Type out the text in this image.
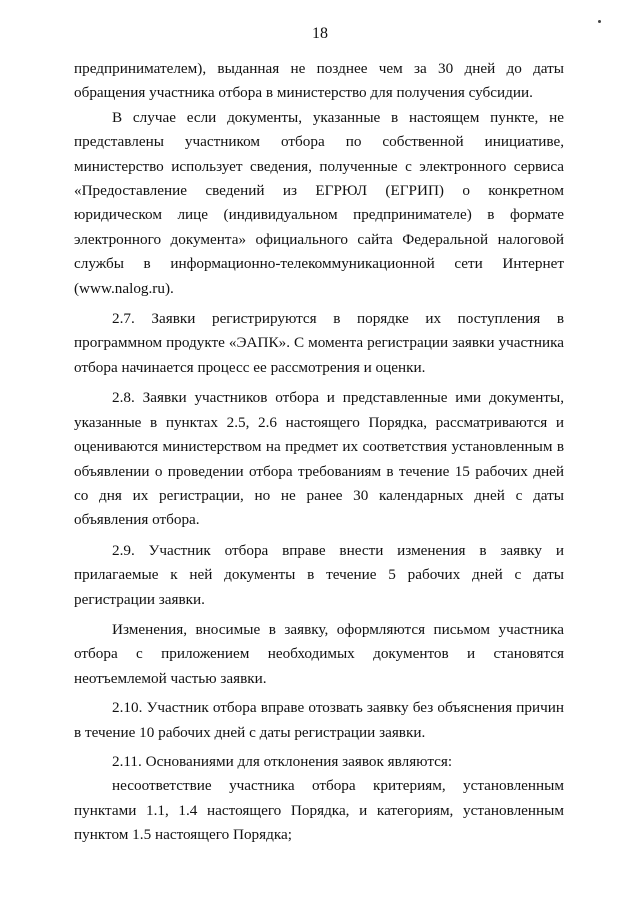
18

предпринимателем), выданная не позднее чем за 30 дней до даты обращения участника отбора в министерство для получения субсидии.

В случае если документы, указанные в настоящем пункте, не представлены участником отбора по собственной инициативе, министерство использует сведения, полученные с электронного сервиса «Предоставление сведений из ЕГРЮЛ (ЕГРИП) о конкретном юридическом лице (индивидуальном предпринимателе) в формате электронного документа» официального сайта Федеральной налоговой службы в информационно-телекоммуникационной сети Интернет (www.nalog.ru).

2.7. Заявки регистрируются в порядке их поступления в программном продукте «ЭАПК». С момента регистрации заявки участника отбора начинается процесс ее рассмотрения и оценки.

2.8. Заявки участников отбора и представленные ими документы, указанные в пунктах 2.5, 2.6 настоящего Порядка, рассматриваются и оцениваются министерством на предмет их соответствия установленным в объявлении о проведении отбора требованиям в течение 15 рабочих дней со дня их регистрации, но не ранее 30 календарных дней с даты объявления отбора.

2.9. Участник отбора вправе внести изменения в заявку и прилагаемые к ней документы в течение 5 рабочих дней с даты регистрации заявки.

Изменения, вносимые в заявку, оформляются письмом участника отбора с приложением необходимых документов и становятся неотъемлемой частью заявки.

2.10. Участник отбора вправе отозвать заявку без объяснения причин в течение 10 рабочих дней с даты регистрации заявки.

2.11. Основаниями для отклонения заявок являются:

несоответствие участника отбора критериям, установленным пунктами 1.1, 1.4 настоящего Порядка, и категориям, установленным пунктом 1.5 настоящего Порядка;
